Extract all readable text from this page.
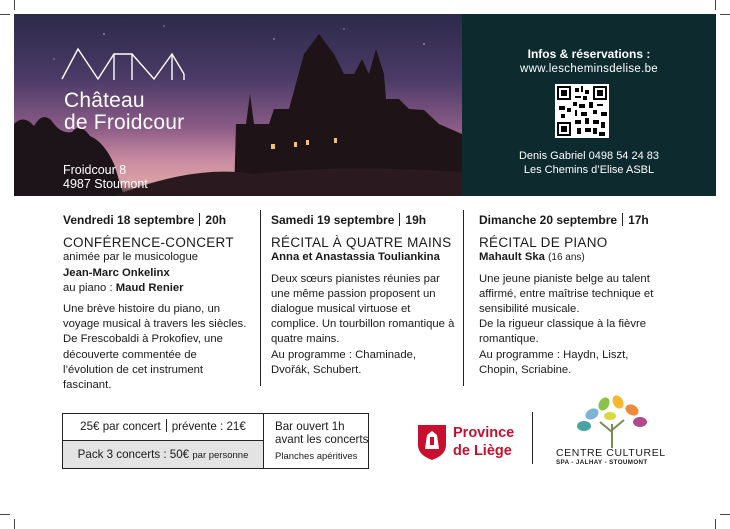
Château
de Froidcour
Froidcour 8
4987 Stoumont
Infos & réservations :
www.lescheminsdelise.be
Denis Gabriel 0498 54 24 83
Les Chemins d’Elise ASBL
Vendredi 18 septembre 20h
CONFÉRENCE-CONCERT
animée par le musicologue
Jean-Marc Onkelinx
au piano : Maud Renier
Une brève histoire du piano, un voyage musical à travers les siècles. De Frescobaldi à Prokofiev, une découverte commentée de l’évolution de cet instrument fascinant.
Samedi 19 septembre 19h
RÉCITAL À QUATRE MAINS
Anna et Anastassia Touliankina
Deux sœurs pianistes réunies par une même passion proposent un dialogue musical virtuose et complice. Un tourbillon romantique à quatre mains.
Au programme : Chaminade, Dvořák, Schubert.
Dimanche 20 septembre 17h
RÉCITAL DE PIANO
Mahault Ska (16 ans)
Une jeune pianiste belge au talent affirmé, entre maîtrise technique et sensibilité musicale.
De la rigueur classique à la fièvre romantique.
Au programme : Haydn, Liszt, Chopin, Scriabine.
25€ par concert prévente : 21€
Pack 3 concerts : 50€ par personne
Bar ouvert 1h
avant les concerts
Planches apéritives
Province
de Liège	CENTRE CULTUREL
SPA - JALHAY - STOUMONT
